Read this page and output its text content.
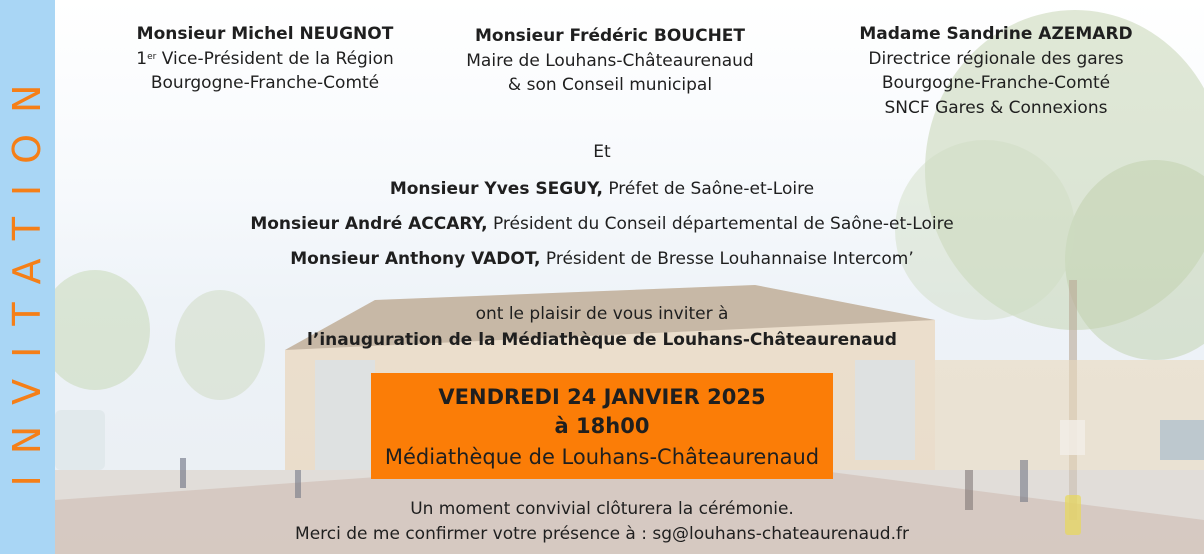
INVITATION
Monsieur Michel NEUGNOT
1er Vice-Président de la Région
Bourgogne-Franche-Comté
Monsieur Frédéric BOUCHET
Maire de Louhans-Châteaurenaud
& son Conseil municipal
Madame Sandrine AZEMARD
Directrice régionale des gares
Bourgogne-Franche-Comté
SNCF Gares & Connexions
Et
Monsieur Yves SEGUY, Préfet de Saône-et-Loire
Monsieur André ACCARY, Président du Conseil départemental de Saône-et-Loire
Monsieur Anthony VADOT, Président de Bresse Louhannaise Intercom’
ont le plaisir de vous inviter à
l’inauguration de la Médiathèque de Louhans-Châteaurenaud
VENDREDI 24 JANVIER 2025
à 18h00
Médiathèque de Louhans-Châteaurenaud
Un moment convivial clôturera la cérémonie.
Merci de me confirmer votre présence à : sg@louhans-chateaurenaud.fr
